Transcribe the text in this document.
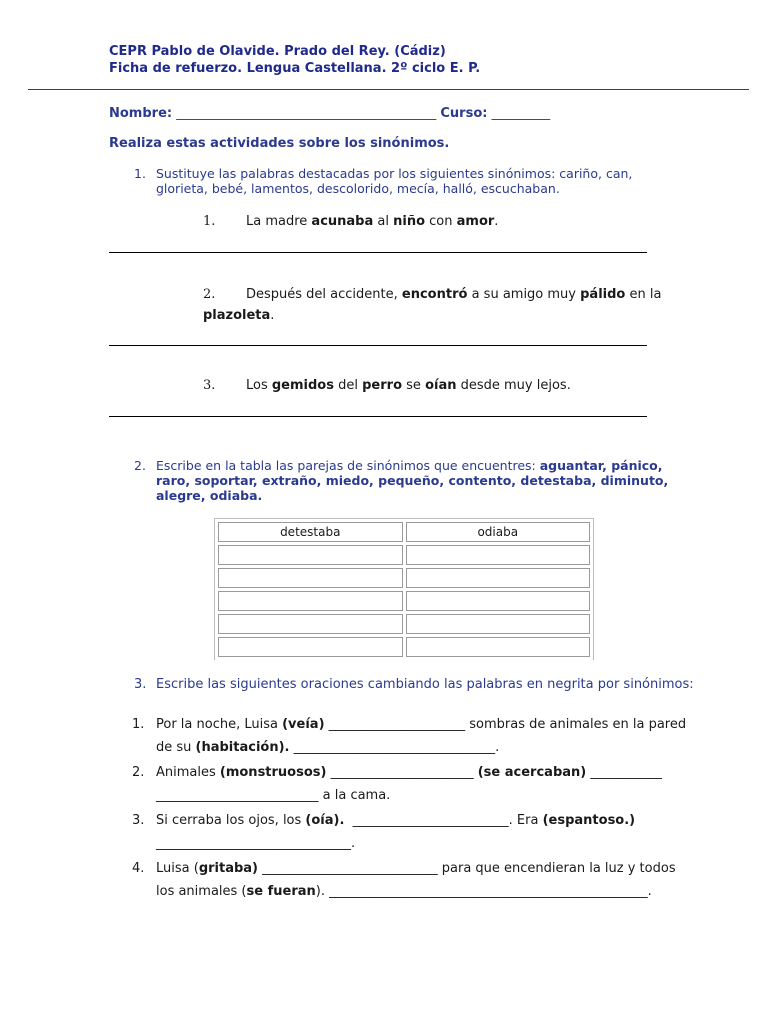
CEPR Pablo de Olavide. Prado del Rey. (Cádiz)
Ficha de refuerzo. Lengua Castellana. 2º ciclo E. P.
Nombre: ________________________________________ Curso: _________
Realiza estas actividades sobre los sinónimos.
1. Sustituye las palabras destacadas por los siguientes sinónimos: cariño, can, glorieta, bebé, lamentos, descolorido, mecía, halló, escuchaban.
1. La madre acunaba al niño con amor.
2. Después del accidente, encontró a su amigo muy pálido en la
plazoleta.
3. Los gemidos del perro se oían desde muy lejos.
2. Escribe en la tabla las parejas de sinónimos que encuentres: aguantar, pánico, raro, soportar, extraño, miedo, pequeño, contento, detestaba, diminuto, alegre, odiaba.
detestaba	odiaba

3. Escribe las siguientes oraciones cambiando las palabras en negrita por sinónimos:
1. Por la noche, Luisa (veía) _____________________ sombras de animales en la pared
de su (habitación). _______________________________.
2. Animales (monstruosos) ______________________ (se acercaban) ___________
_________________________ a la cama.
3. Si cerraba los ojos, los (oía).  ________________________. Era (espantoso.)
______________________________.
4. Luisa (gritaba) ___________________________ para que encendieran la luz y todos
los animales (se fueran). _________________________________________________.
